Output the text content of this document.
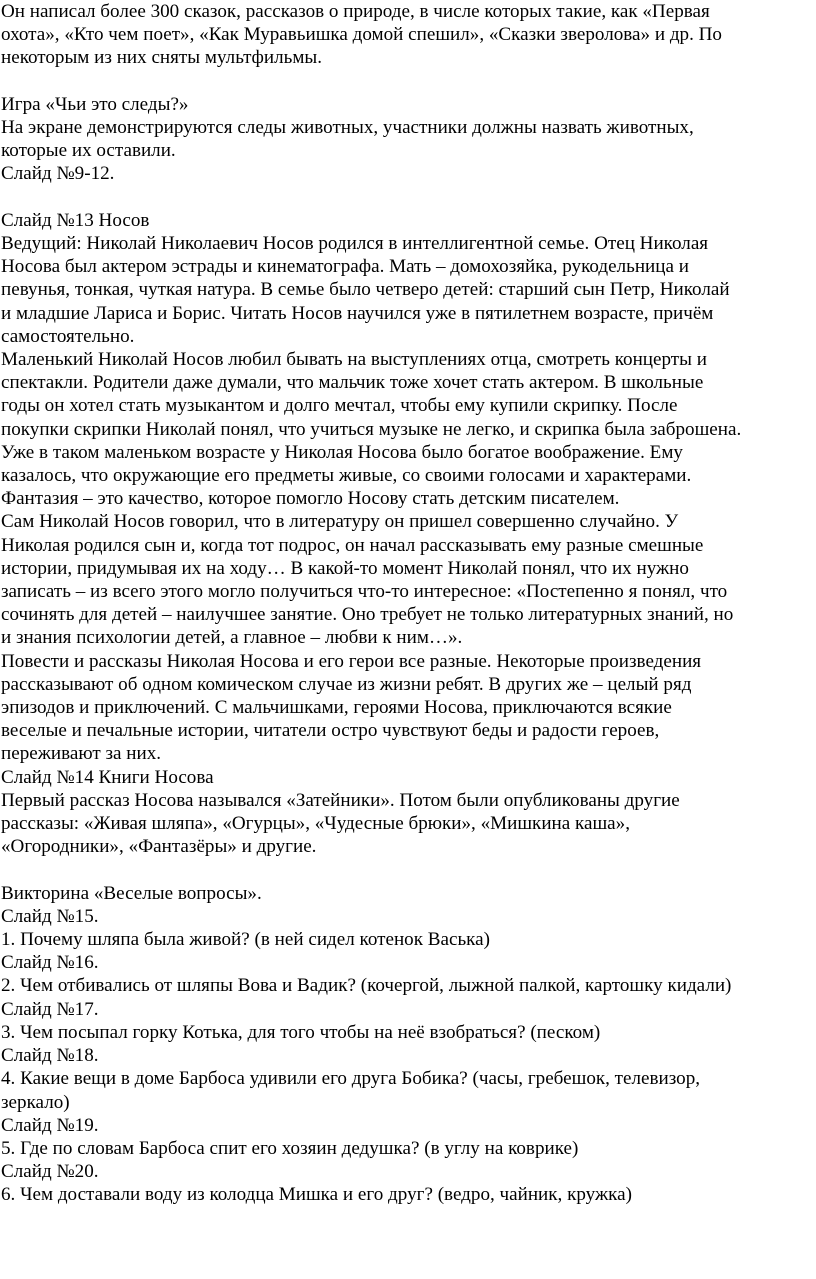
Он написал более 300 сказок, рассказов о природе, в числе которых такие, как «Первая
охота», «Кто чем поет», «Как Муравьишка домой спешил», «Сказки зверолова» и др. По
некоторым из них сняты мультфильмы.
Игра «Чьи это следы?»
На экране демонстрируются следы животных, участники должны назвать животных,
которые их оставили.
Слайд №9-12.
Слайд №13 Носов
Ведущий: Николай Николаевич Носов родился в интеллигентной семье. Отец Николая
Носова был актером эстрады и кинематографа. Мать – домохозяйка, рукодельница и
певунья, тонкая, чуткая натура. В семье было четверо детей: старший сын Петр, Николай
и младшие Лариса и Борис. Читать Носов научился уже в пятилетнем возрасте, причём
самостоятельно.
Маленький Николай Носов любил бывать на выступлениях отца, смотреть концерты и
спектакли. Родители даже думали, что мальчик тоже хочет стать актером. В школьные
годы он хотел стать музыкантом и долго мечтал, чтобы ему купили скрипку. После
покупки скрипки Николай понял, что учиться музыке не легко, и скрипка была заброшена.
Уже в таком маленьком возрасте у Николая Носова было богатое воображение. Ему
казалось, что окружающие его предметы живые, со своими голосами и характерами.
Фантазия – это качество, которое помогло Носову стать детским писателем.
Сам Николай Носов говорил, что в литературу он пришел совершенно случайно. У
Николая родился сын и, когда тот подрос, он начал рассказывать ему разные смешные
истории, придумывая их на ходу… В какой-то момент Николай понял, что их нужно
записать – из всего этого могло получиться что-то интересное: «Постепенно я понял, что
сочинять для детей – наилучшее занятие. Оно требует не только литературных знаний, но
и знания психологии детей, а главное – любви к ним…».
Повести и рассказы Николая Носова и его герои все разные. Некоторые произведения
рассказывают об одном комическом случае из жизни ребят. В других же – целый ряд
эпизодов и приключений. С мальчишками, героями Носова, приключаются всякие
веселые и печальные истории, читатели остро чувствуют беды и радости героев,
переживают за них.
Слайд №14 Книги Носова
Первый рассказ Носова назывался «Затейники». Потом были опубликованы другие
рассказы: «Живая шляпа», «Огурцы», «Чудесные брюки», «Мишкина каша»,
«Огородники», «Фантазёры» и другие.
Викторина «Веселые вопросы».
Слайд №15.
1. Почему шляпа была живой? (в ней сидел котенок Васька)
Слайд №16.
2. Чем отбивались от шляпы Вова и Вадик? (кочергой, лыжной палкой, картошку кидали)
Слайд №17.
3. Чем посыпал горку Котька, для того чтобы на неё взобраться? (песком)
Слайд №18.
4. Какие вещи в доме Барбоса удивили его друга Бобика? (часы, гребешок, телевизор,
зеркало)
Слайд №19.
5. Где по словам Барбоса спит его хозяин дедушка? (в углу на коврике)
Слайд №20.
6. Чем доставали воду из колодца Мишка и его друг? (ведро, чайник, кружка)
